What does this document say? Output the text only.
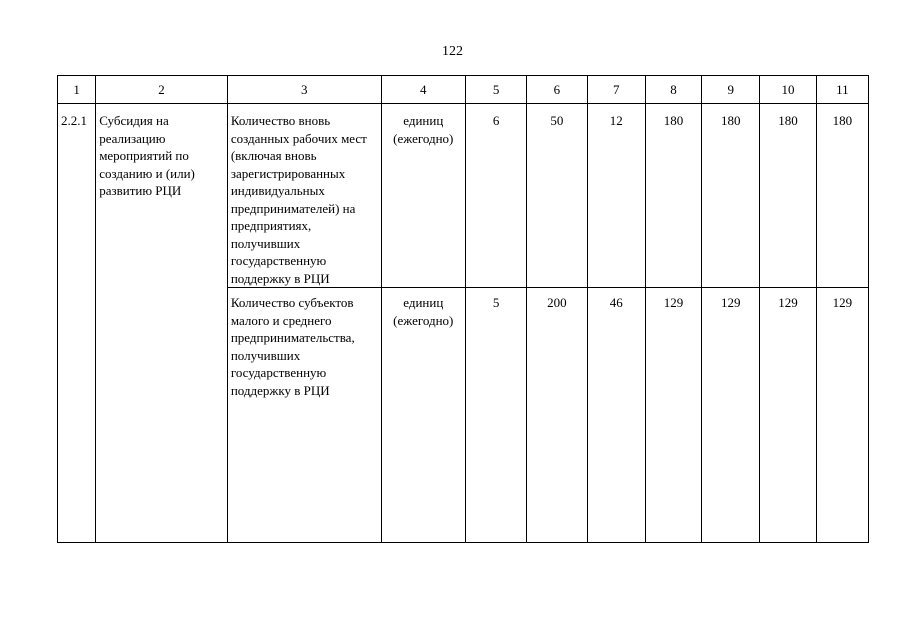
122
1	2	3	4	5	6	7	8	9	10	11
2.2.1	Субсидия на реализацию мероприятий по созданию и (или) развитию РЦИ	Количество вновь созданных рабочих мест (включая вновь зарегистрированных индивидуальных предпринимателей) на предприятиях, получивших государственную поддержку в РЦИ	единиц (ежегодно)	6	50	12	180	180	180	180
		Количество субъектов малого и среднего предпринимательства, получивших государственную поддержку в РЦИ	единиц (ежегодно)	5	200	46	129	129	129	129
